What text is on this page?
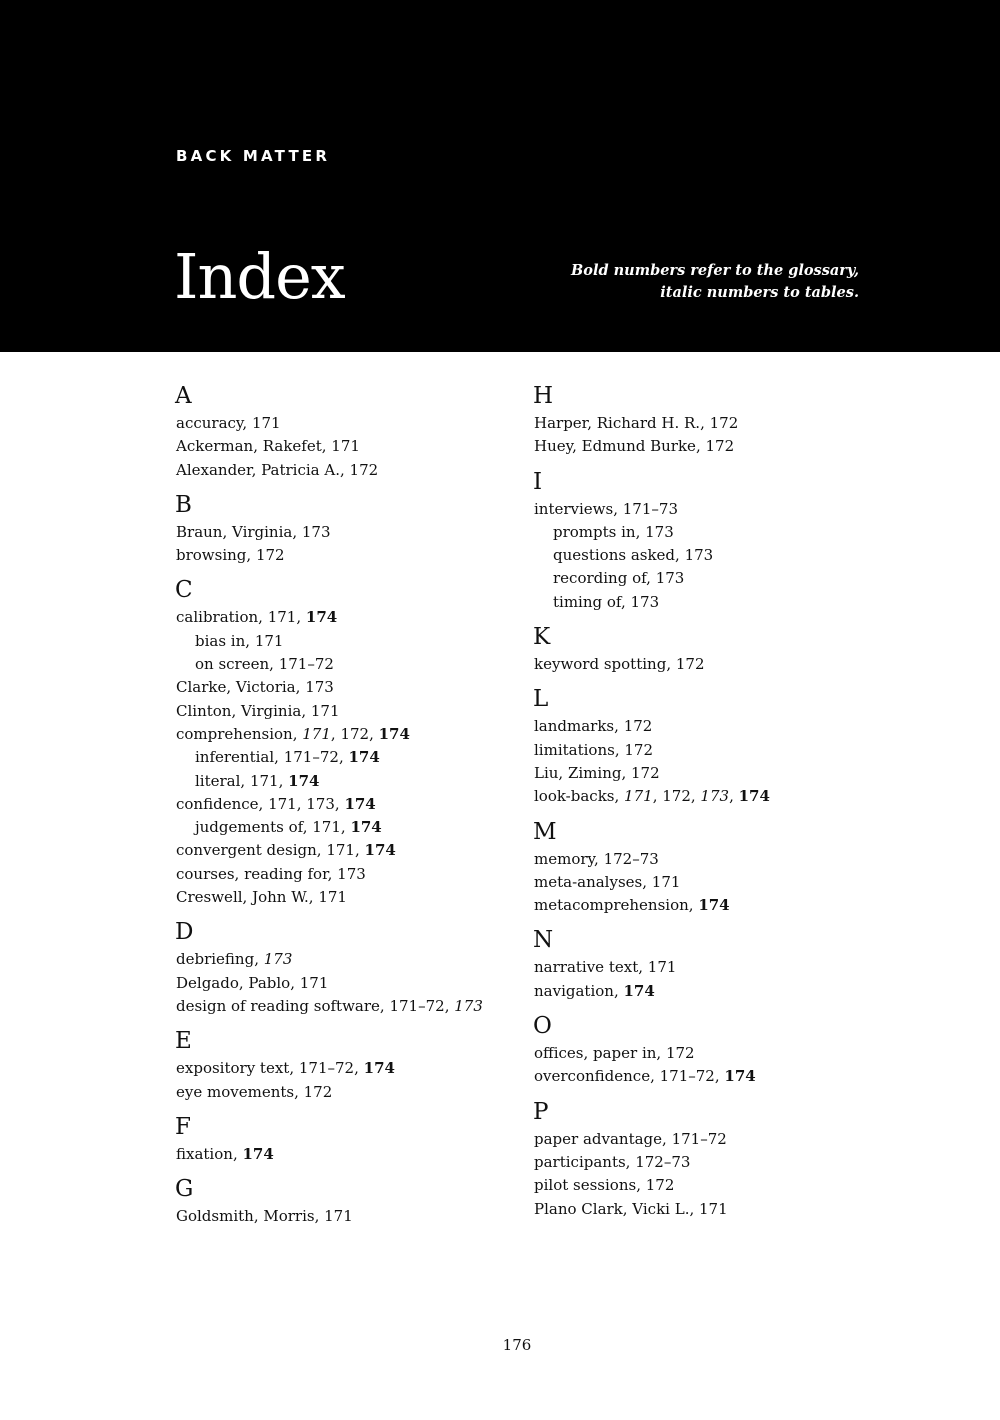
BACK MATTER
Index	Bold numbers refer to the glossary,
italic numbers to tables.
A
accuracy, 171
Ackerman, Rakefet, 171
Alexander, Patricia A., 172
B
Braun, Virginia, 173
browsing, 172
C
calibration, 171, 174
bias in, 171
on screen, 171–72
Clarke, Victoria, 173
Clinton, Virginia, 171
comprehension, 171, 172, 174
inferential, 171–72, 174
literal, 171, 174
confidence, 171, 173, 174
judgements of, 171, 174
convergent design, 171, 174
courses, reading for, 173
Creswell, John W., 171
D
debriefing, 173
Delgado, Pablo, 171
design of reading software, 171–72, 173
E
expository text, 171–72, 174
eye movements, 172
F
fixation, 174
G
Goldsmith, Morris, 171
H
Harper, Richard H. R., 172
Huey, Edmund Burke, 172
I
interviews, 171–73
prompts in, 173
questions asked, 173
recording of, 173
timing of, 173
K
keyword spotting, 172
L
landmarks, 172
limitations, 172
Liu, Ziming, 172
look-backs, 171, 172, 173, 174
M
memory, 172–73
meta-analyses, 171
metacomprehension, 174
N
narrative text, 171
navigation, 174
O
offices, paper in, 172
overconfidence, 171–72, 174
P
paper advantage, 171–72
participants, 172–73
pilot sessions, 172
Plano Clark, Vicki L., 171
176
